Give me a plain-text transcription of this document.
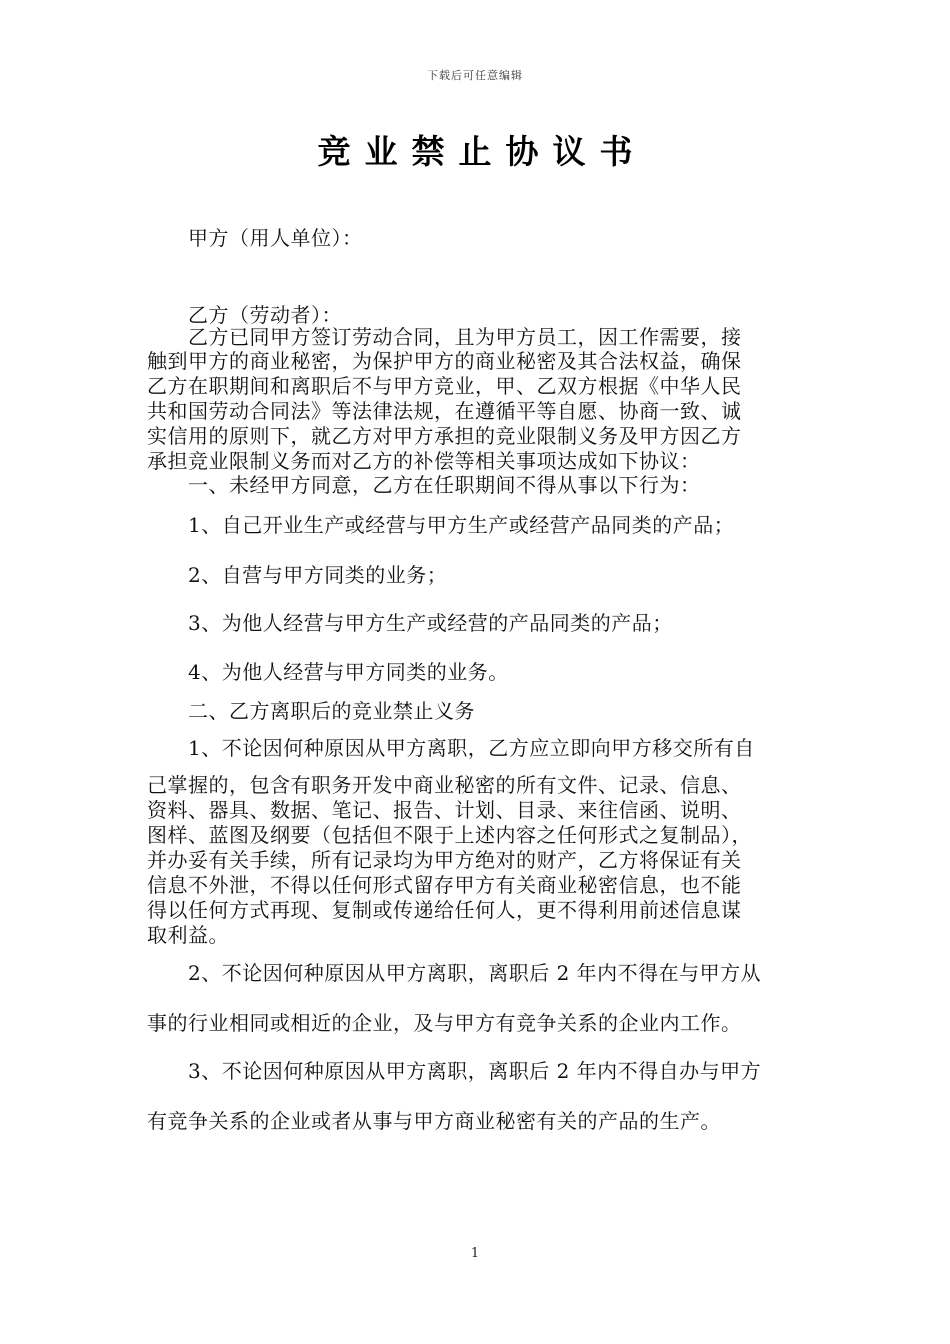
下载后可任意编辑
竞业禁止协议书
甲方（用人单位）：
乙方（劳动者）：
乙方已同甲方签订劳动合同，且为甲方员工，因工作需要，接
触到甲方的商业秘密，为保护甲方的商业秘密及其合法权益，确保
乙方在职期间和离职后不与甲方竞业，甲、乙双方根据《中华人民
共和国劳动合同法》等法律法规，在遵循平等自愿、协商一致、诚
实信用的原则下，就乙方对甲方承担的竞业限制义务及甲方因乙方
承担竞业限制义务而对乙方的补偿等相关事项达成如下协议：
一、未经甲方同意，乙方在任职期间不得从事以下行为：
1、自己开业生产或经营与甲方生产或经营产品同类的产品；
2、自营与甲方同类的业务；
3、为他人经营与甲方生产或经营的产品同类的产品；
4、为他人经营与甲方同类的业务。
二、乙方离职后的竞业禁止义务
1、不论因何种原因从甲方离职，乙方应立即向甲方移交所有自
己掌握的，包含有职务开发中商业秘密的所有文件、记录、信息、
资料、器具、数据、笔记、报告、计划、目录、来往信函、说明、
图样、蓝图及纲要（包括但不限于上述内容之任何形式之复制品），
并办妥有关手续，所有记录均为甲方绝对的财产，乙方将保证有关
信息不外泄，不得以任何形式留存甲方有关商业秘密信息，也不能
得以任何方式再现、复制或传递给任何人，更不得利用前述信息谋
取利益。
2、不论因何种原因从甲方离职，离职后 2 年内不得在与甲方从
事的行业相同或相近的企业，及与甲方有竞争关系的企业内工作。
3、不论因何种原因从甲方离职，离职后 2 年内不得自办与甲方
有竞争关系的企业或者从事与甲方商业秘密有关的产品的生产。
1
